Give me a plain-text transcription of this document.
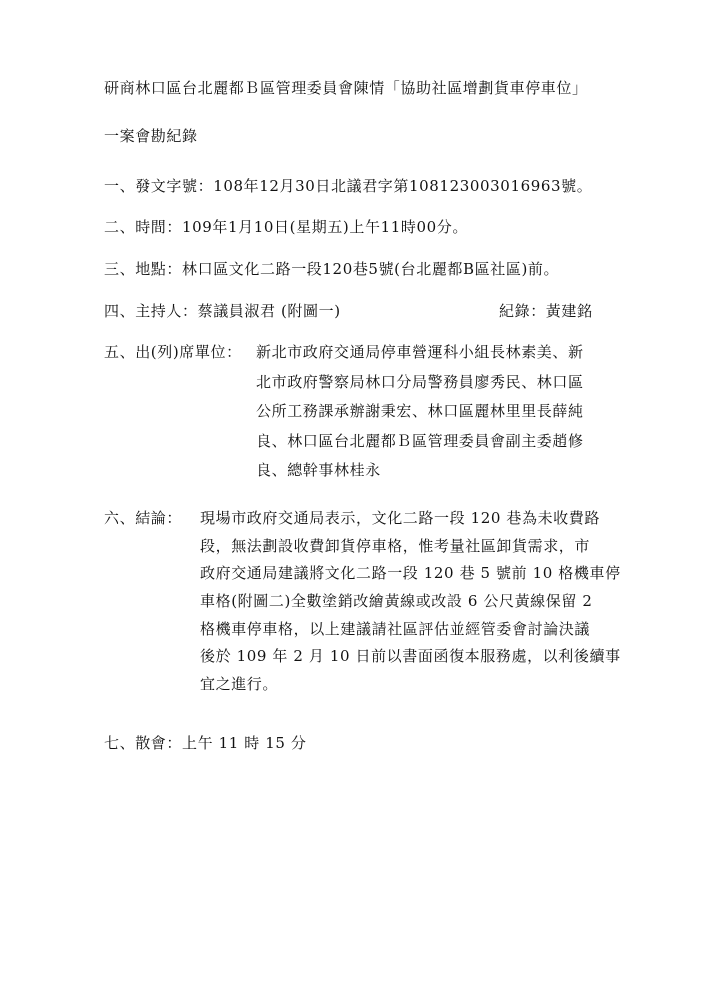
研商林口區台北麗都Ｂ區管理委員會陳情「協助社區增劃貨車停車位」
一案會勘紀錄
一、發文字號：108年12月30日北議君字第108123003016963號。
二、時間：109年1月10日(星期五)上午11時00分。
三、地點：林口區文化二路一段120巷5號(台北麗都B區社區)前。
四、主持人：蔡議員淑君 (附圖一)	紀錄：黃建銘
五、出(列)席單位： 新北市政府交通局停車營運科小組長林素美、新
北市政府警察局林口分局警務員廖秀民、林口區
公所工務課承辦謝秉宏、林口區麗林里里長薛純
良、林口區台北麗都Ｂ區管理委員會副主委趙修
良、總幹事林桂永
六、結論： 現場市政府交通局表示，文化二路一段 120 巷為未收費路
段，無法劃設收費卸貨停車格，惟考量社區卸貨需求，市
政府交通局建議將文化二路一段 120 巷 5 號前 10 格機車停
車格(附圖二)全數塗銷改繪黃線或改設 6 公尺黃線保留 2
格機車停車格，以上建議請社區評估並經管委會討論決議
後於 109 年 2 月 10 日前以書面函復本服務處，以利後續事
宜之進行。
七、散會：上午 11 時 15 分
